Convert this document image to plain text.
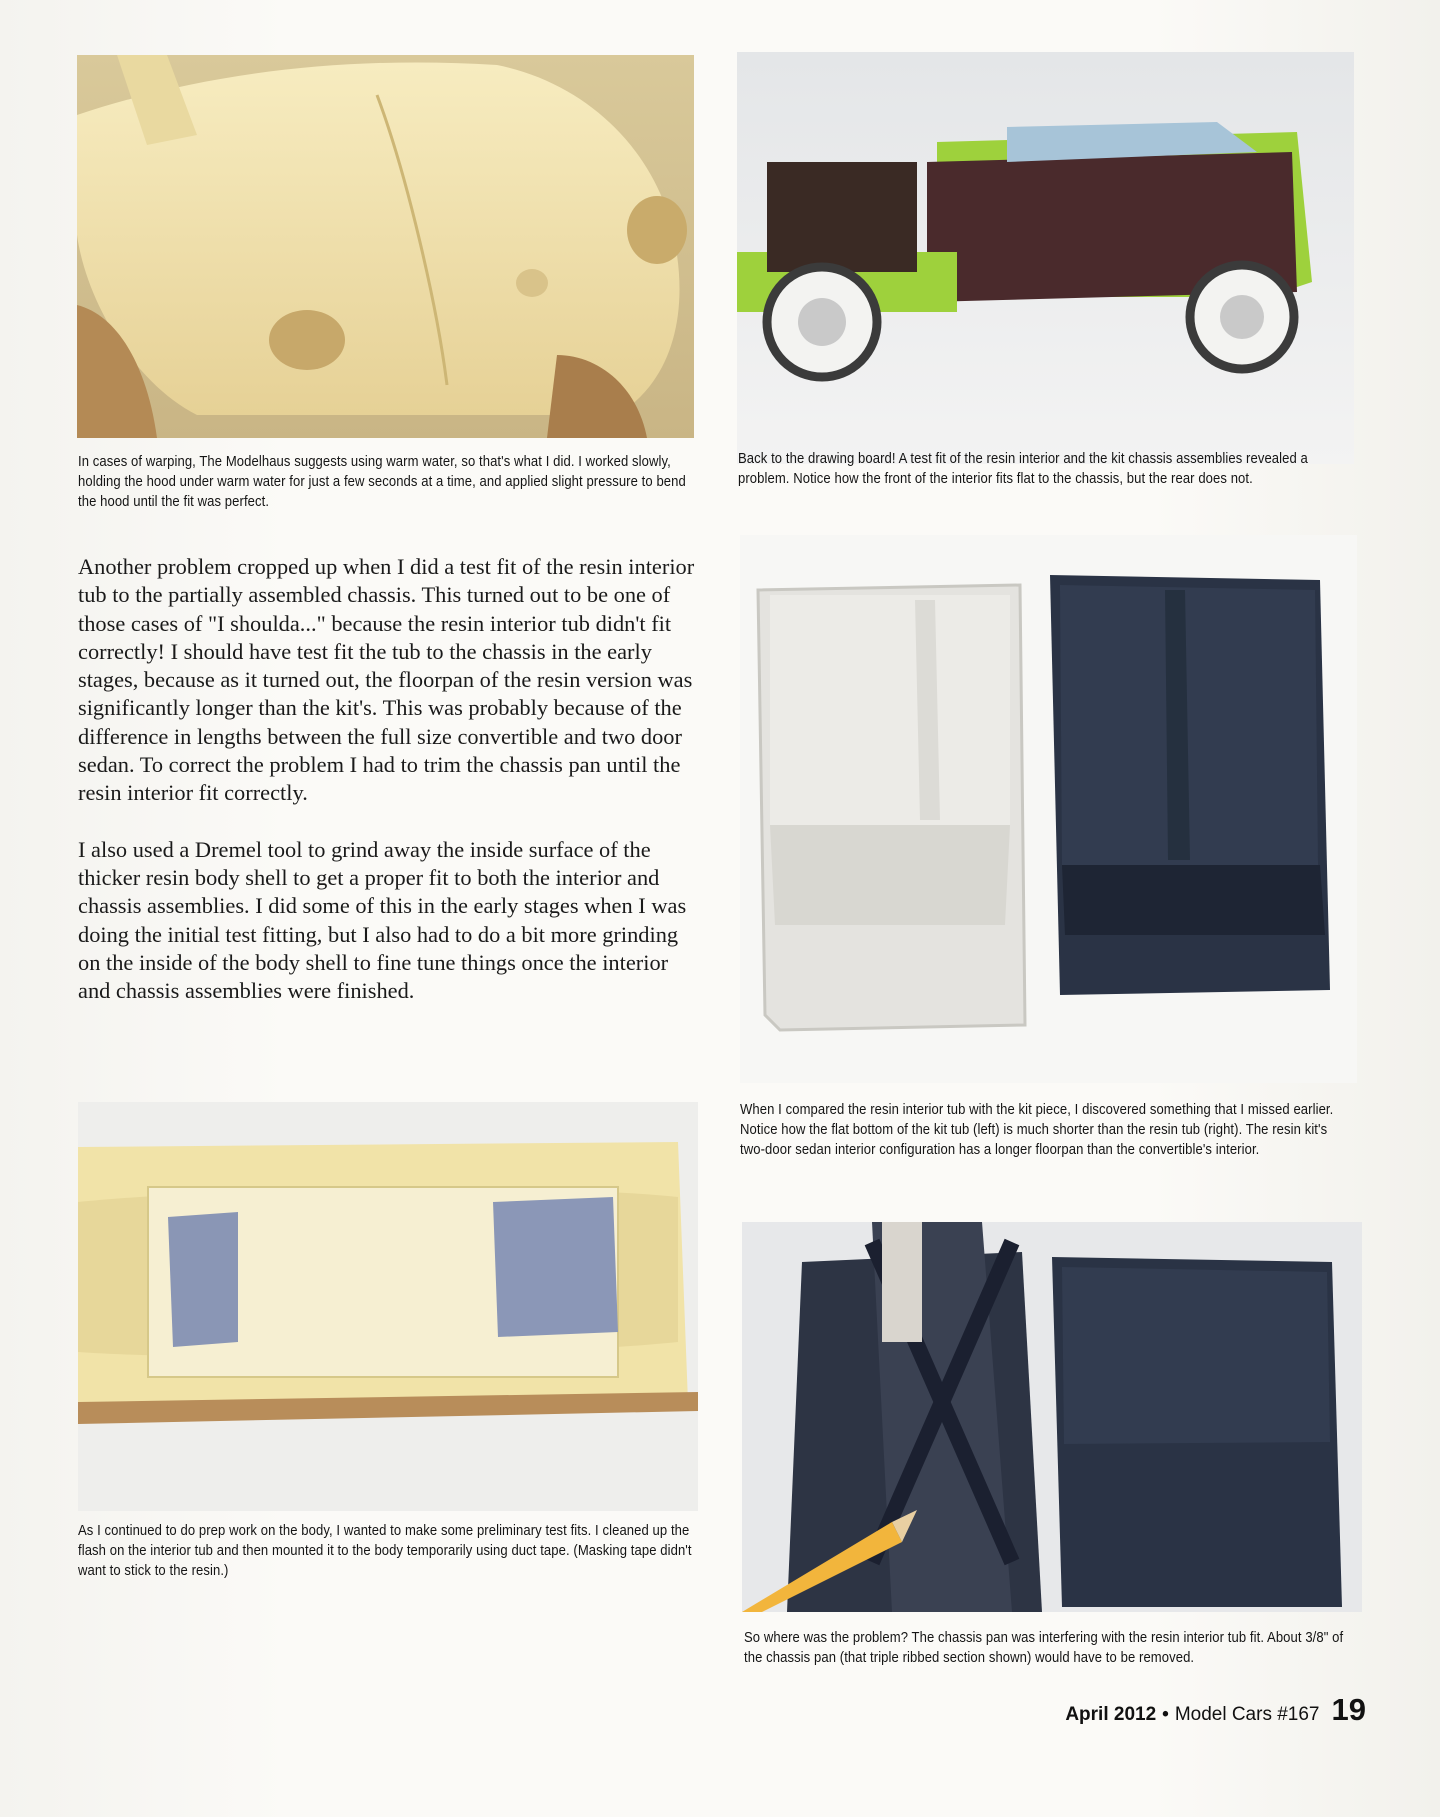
In cases of warping, The Modelhaus suggests using warm water, so that's what I did. I worked slowly, holding the hood under warm water for just a few seconds at a time, and applied slight pressure to bend the hood until the fit was perfect.
Back to the drawing board! A test fit of the resin interior and the kit chassis assemblies revealed a problem. Notice how the front of the interior fits flat to the chassis, but the rear does not.

Another problem cropped up when I did a test fit of the resin interior tub to the partially assembled chassis. This turned out to be one of those cases of "I shoulda..." because the resin interior tub didn't fit correctly! I should have test fit the tub to the chassis in the early stages, because as it turned out, the floorpan of the resin version was significantly longer than the kit's. This was probably because of the difference in lengths between the full size convertible and two door sedan. To correct the problem I had to trim the chassis pan until the resin interior fit correctly.

I also used a Dremel tool to grind away the inside surface of the thicker resin body shell to get a proper fit to both the interior and chassis assemblies. I did some of this in the early stages when I was doing the initial test fitting, but I also had to do a bit more grinding on the inside of the body shell to fine tune things once the interior and chassis assemblies were finished.

When I compared the resin interior tub with the kit piece, I discovered something that I missed earlier. Notice how the flat bottom of the kit tub (left) is much shorter than the resin tub (right). The resin kit's two-door sedan interior configuration has a longer floorpan than the convertible's interior.
As I continued to do prep work on the body, I wanted to make some preliminary test fits. I cleaned up the flash on the interior tub and then mounted it to the body temporarily using duct tape. (Masking tape didn't want to stick to the resin.)
So where was the problem? The chassis pan was interfering with the resin interior tub fit. About 3/8" of the chassis pan (that triple ribbed section shown) would have to be removed.
April 2012 • Model Cars #167 19
